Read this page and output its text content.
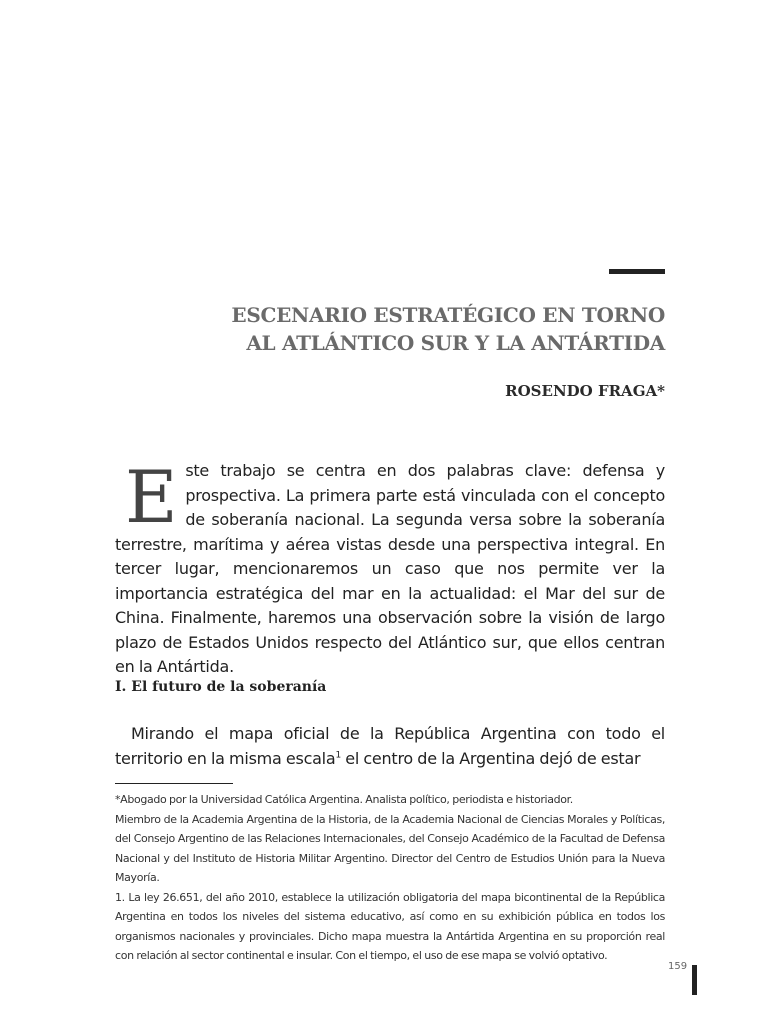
ESCENARIO ESTRATÉGICO EN TORNO
AL ATLÁNTICO SUR Y LA ANTÁRTIDA
ROSENDO FRAGA*
Este trabajo se centra en dos palabras clave: defensa y prospectiva. La primera parte está vinculada con el concepto de soberanía nacional. La segunda versa sobre la soberanía terrestre, marítima y aérea vistas desde una perspectiva integral. En tercer lugar, mencionaremos un caso que nos permite ver la importancia estratégica del mar en la actualidad: el Mar del sur de China. Finalmente, haremos una observación sobre la visión de largo plazo de Estados Unidos respecto del Atlántico sur, que ellos centran en la Antártida.
I. El futuro de la soberanía
Mirando el mapa oficial de la República Argentina con todo el territorio en la misma escala$^1$ el centro de la Argentina dejó de estar

*Abogado por la Universidad Católica Argentina. Analista político, periodista e historiador.

Miembro de la Academia Argentina de la Historia, de la Academia Nacional de Ciencias Morales y Políticas, del Consejo Argentino de las Relaciones Internacionales, del Consejo Académico de la Facultad de Defensa Nacional y del Instituto de Historia Militar Argentino. Director del Centro de Estudios Unión para la Nueva Mayoría.

1. La ley 26.651, del año 2010, establece la utilización obligatoria del mapa bicontinental de la República Argentina en todos los niveles del sistema educativo, así como en su exhibición pública en todos los organismos nacionales y provinciales. Dicho mapa muestra la Antártida Argentina en su proporción real con relación al sector continental e insular. Con el tiempo, el uso de ese mapa se volvió optativo.

159
